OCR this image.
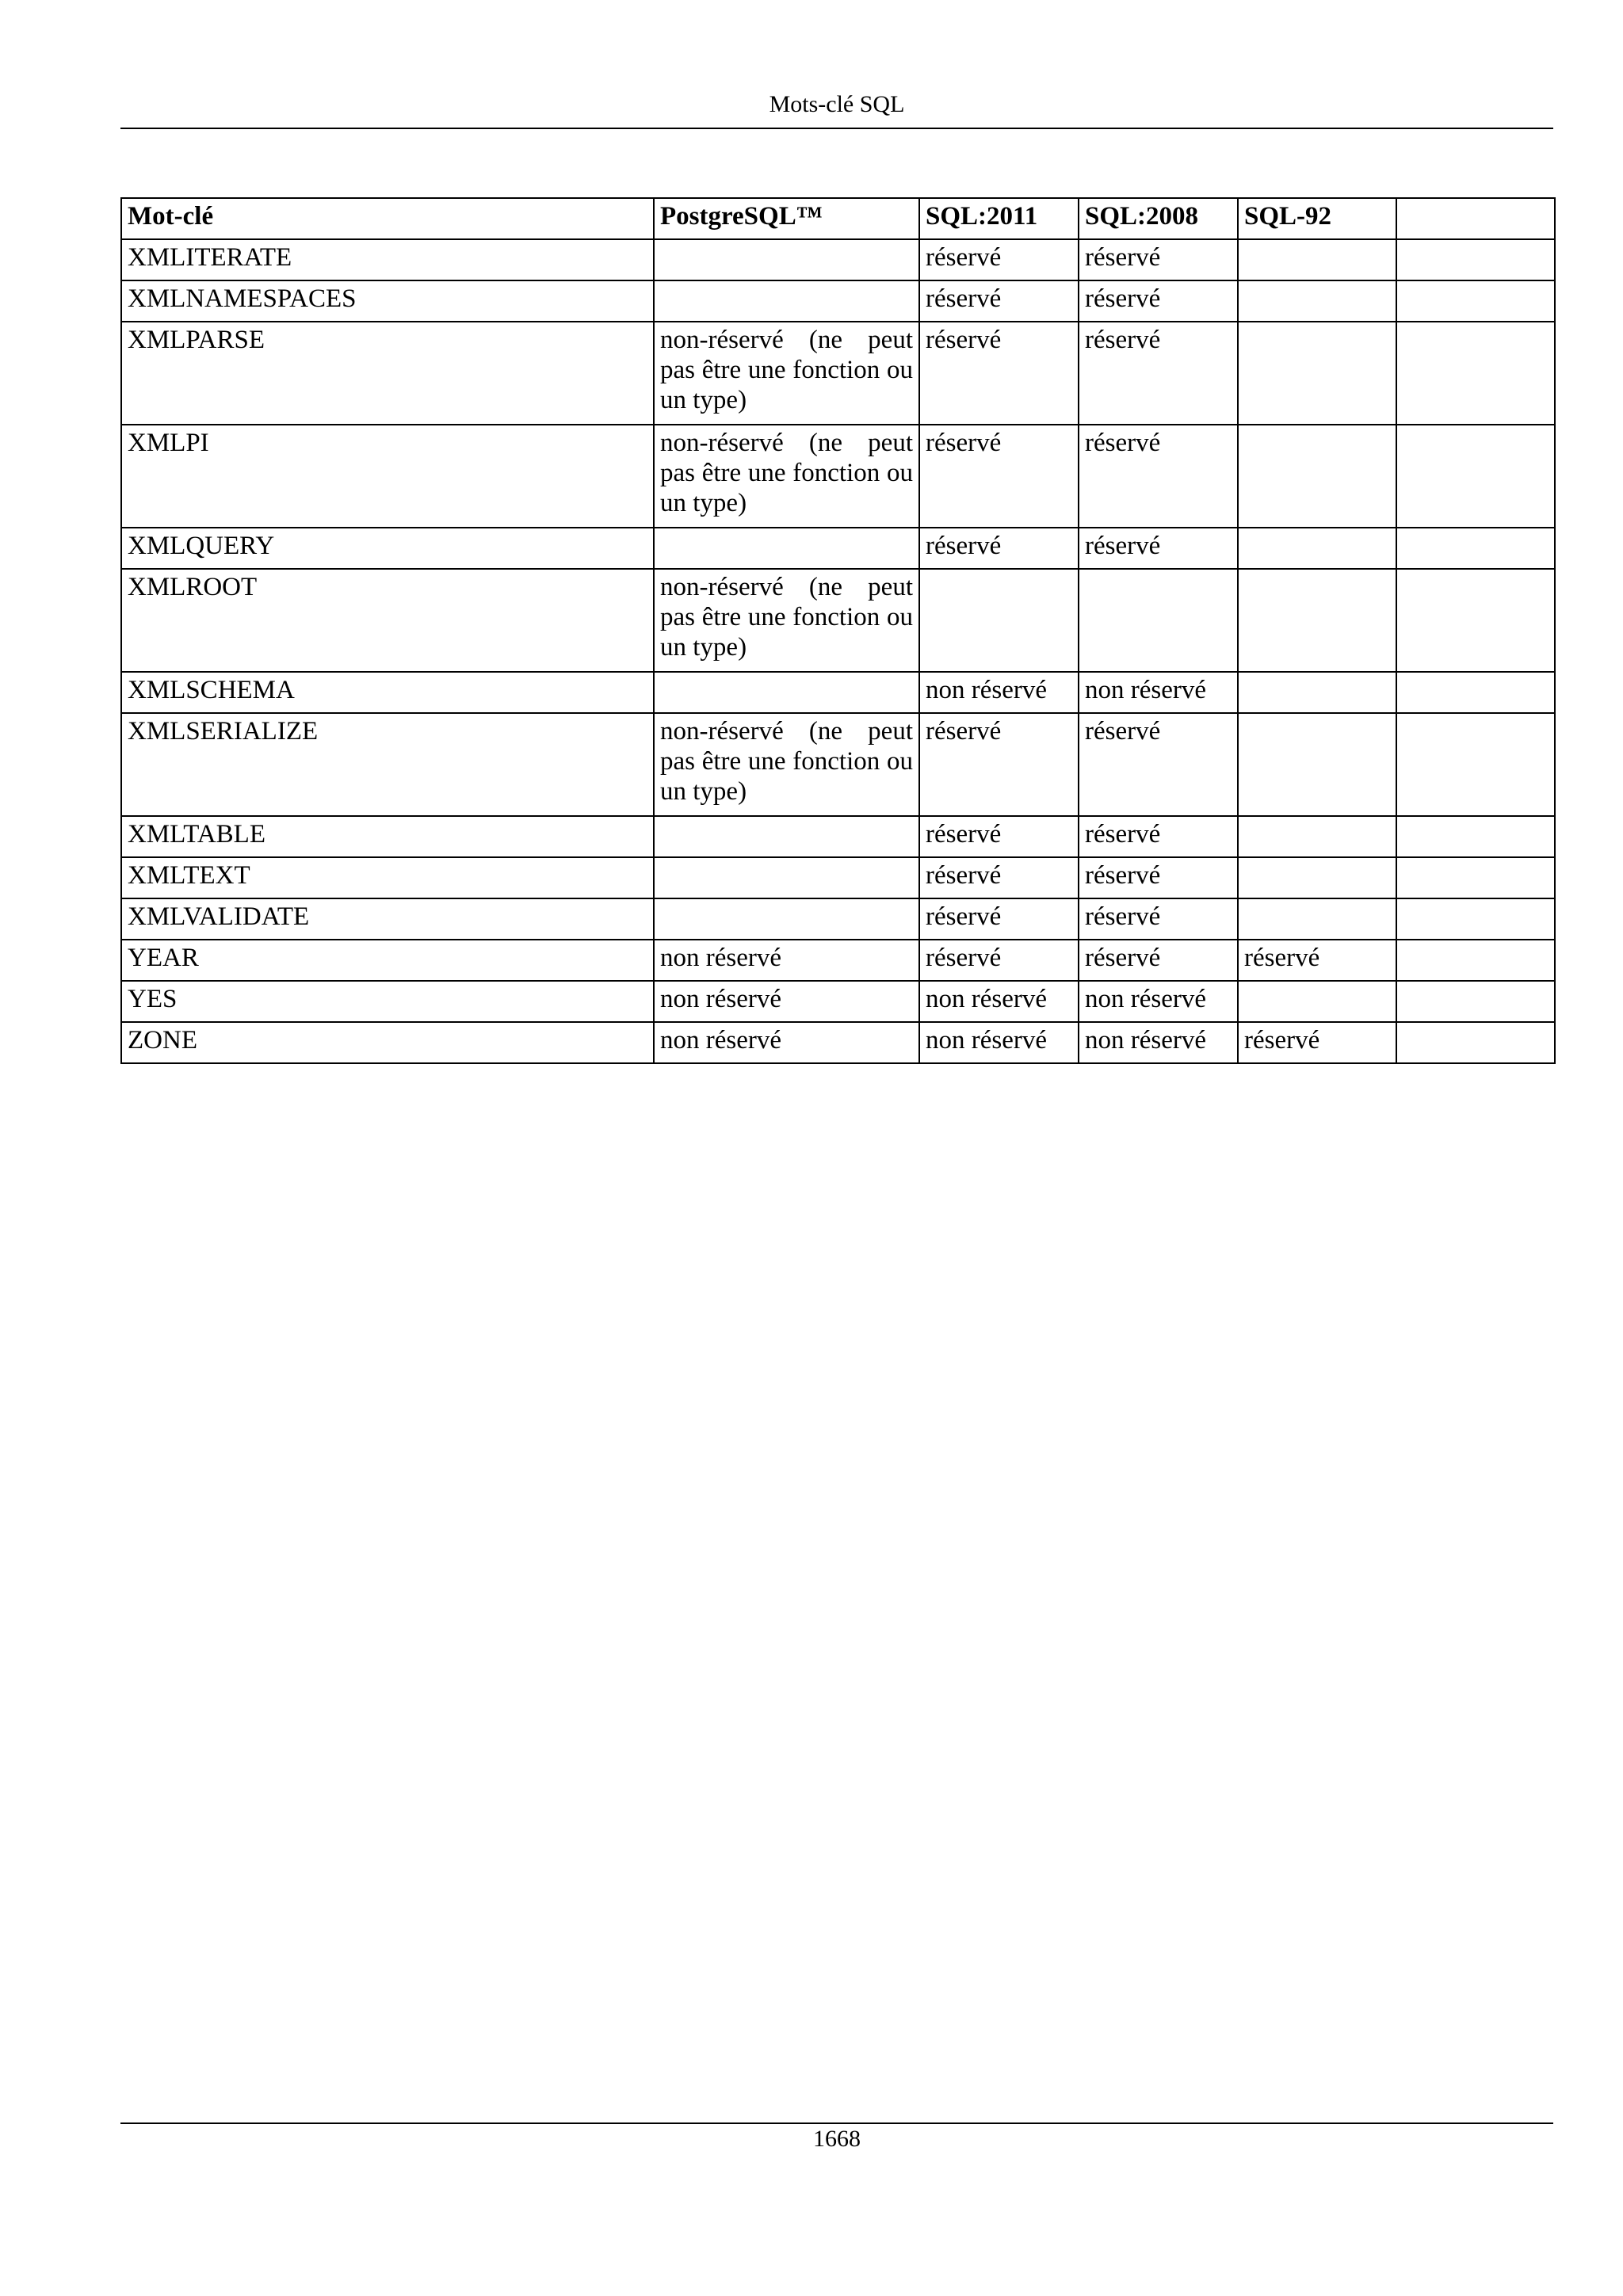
Mots-clé SQL
Mot-clé	PostgreSQL™	SQL:2011	SQL:2008	SQL-92	
XMLITERATE		réservé	réservé		
XMLNAMESPACES		réservé	réservé		
XMLPARSE	non-réservé (ne peut pas être une fonction ou un type)	réservé	réservé		
XMLPI	non-réservé (ne peut pas être une fonction ou un type)	réservé	réservé		
XMLQUERY		réservé	réservé		
XMLROOT	non-réservé (ne peut pas être une fonction ou un type)				
XMLSCHEMA		non réservé	non réservé		
XMLSERIALIZE	non-réservé (ne peut pas être une fonction ou un type)	réservé	réservé		
XMLTABLE		réservé	réservé		
XMLTEXT		réservé	réservé		
XMLVALIDATE		réservé	réservé		
YEAR	non réservé	réservé	réservé	réservé	
YES	non réservé	non réservé	non réservé		
ZONE	non réservé	non réservé	non réservé	réservé	
1668
